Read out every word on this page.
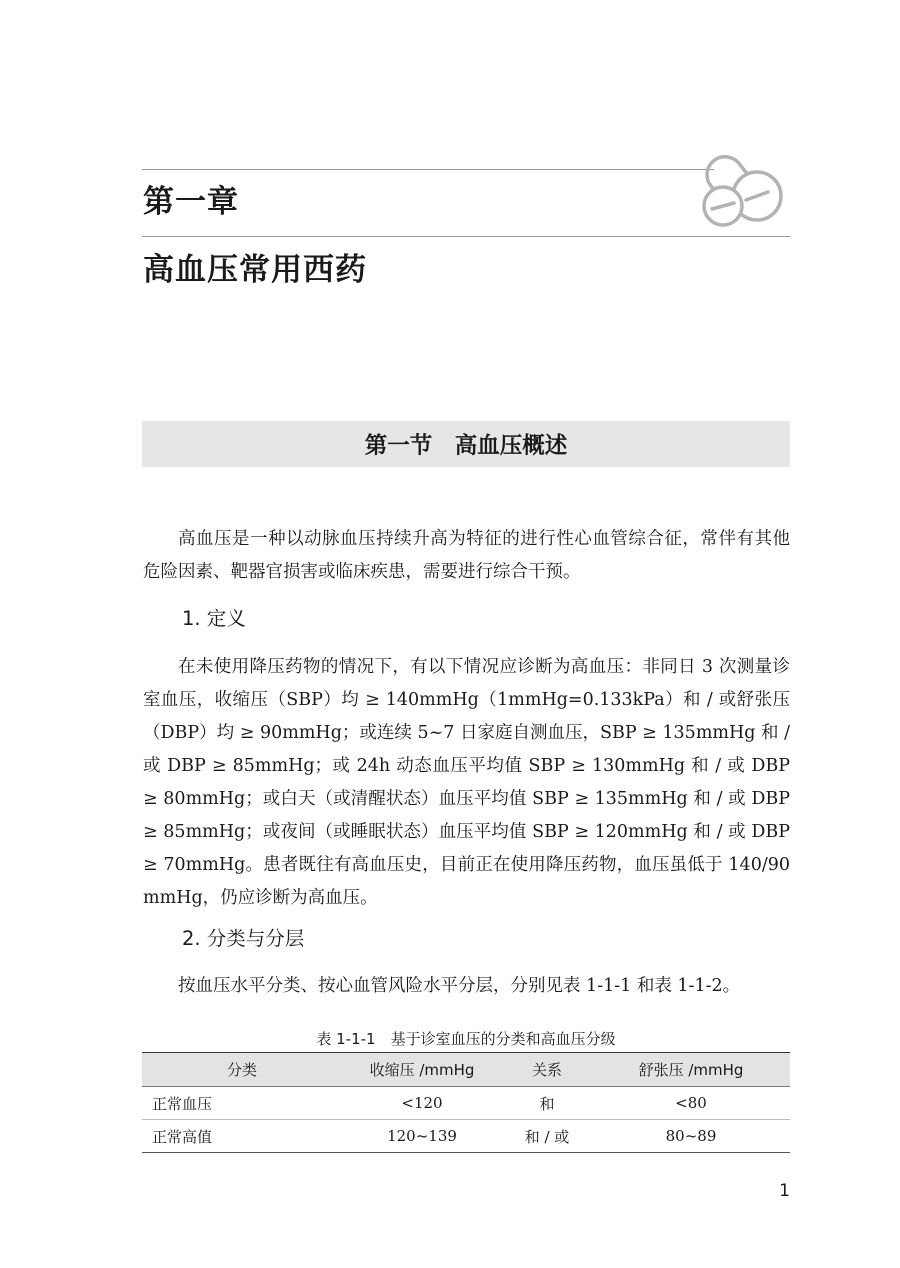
第一章
高血压常用西药
第一节　高血压概述

高血压是一种以动脉血压持续升高为特征的进行性心血管综合征，常伴有其他危险因素、靶器官损害或临床疾患，需要进行综合干预。

1. 定义

在未使用降压药物的情况下，有以下情况应诊断为高血压：非同日 3 次测量诊室血压，收缩压（SBP）均 ≥ 140mmHg（1mmHg=0.133kPa）和 / 或舒张压（DBP）均 ≥ 90mmHg；或连续 5~7 日家庭自测血压，SBP ≥ 135mmHg 和 / 或 DBP ≥ 85mmHg；或 24h 动态血压平均值 SBP ≥ 130mmHg 和 / 或 DBP ≥ 80mmHg；或白天（或清醒状态）血压平均值 SBP ≥ 135mmHg 和 / 或 DBP ≥ 85mmHg；或夜间（或睡眠状态）血压平均值 SBP ≥ 120mmHg 和 / 或 DBP ≥ 70mmHg。患者既往有高血压史，目前正在使用降压药物，血压虽低于 140/90mmHg，仍应诊断为高血压。

2. 分类与分层

按血压水平分类、按心血管风险水平分层，分别见表 1-1-1 和表 1-1-2。

表 1-1-1　基于诊室血压的分类和高血压分级

分类	收缩压 /mmHg	关系	舒张压 /mmHg
正常血压	<120	和	<80
正常高值	120~139	和 / 或	80~89

1
